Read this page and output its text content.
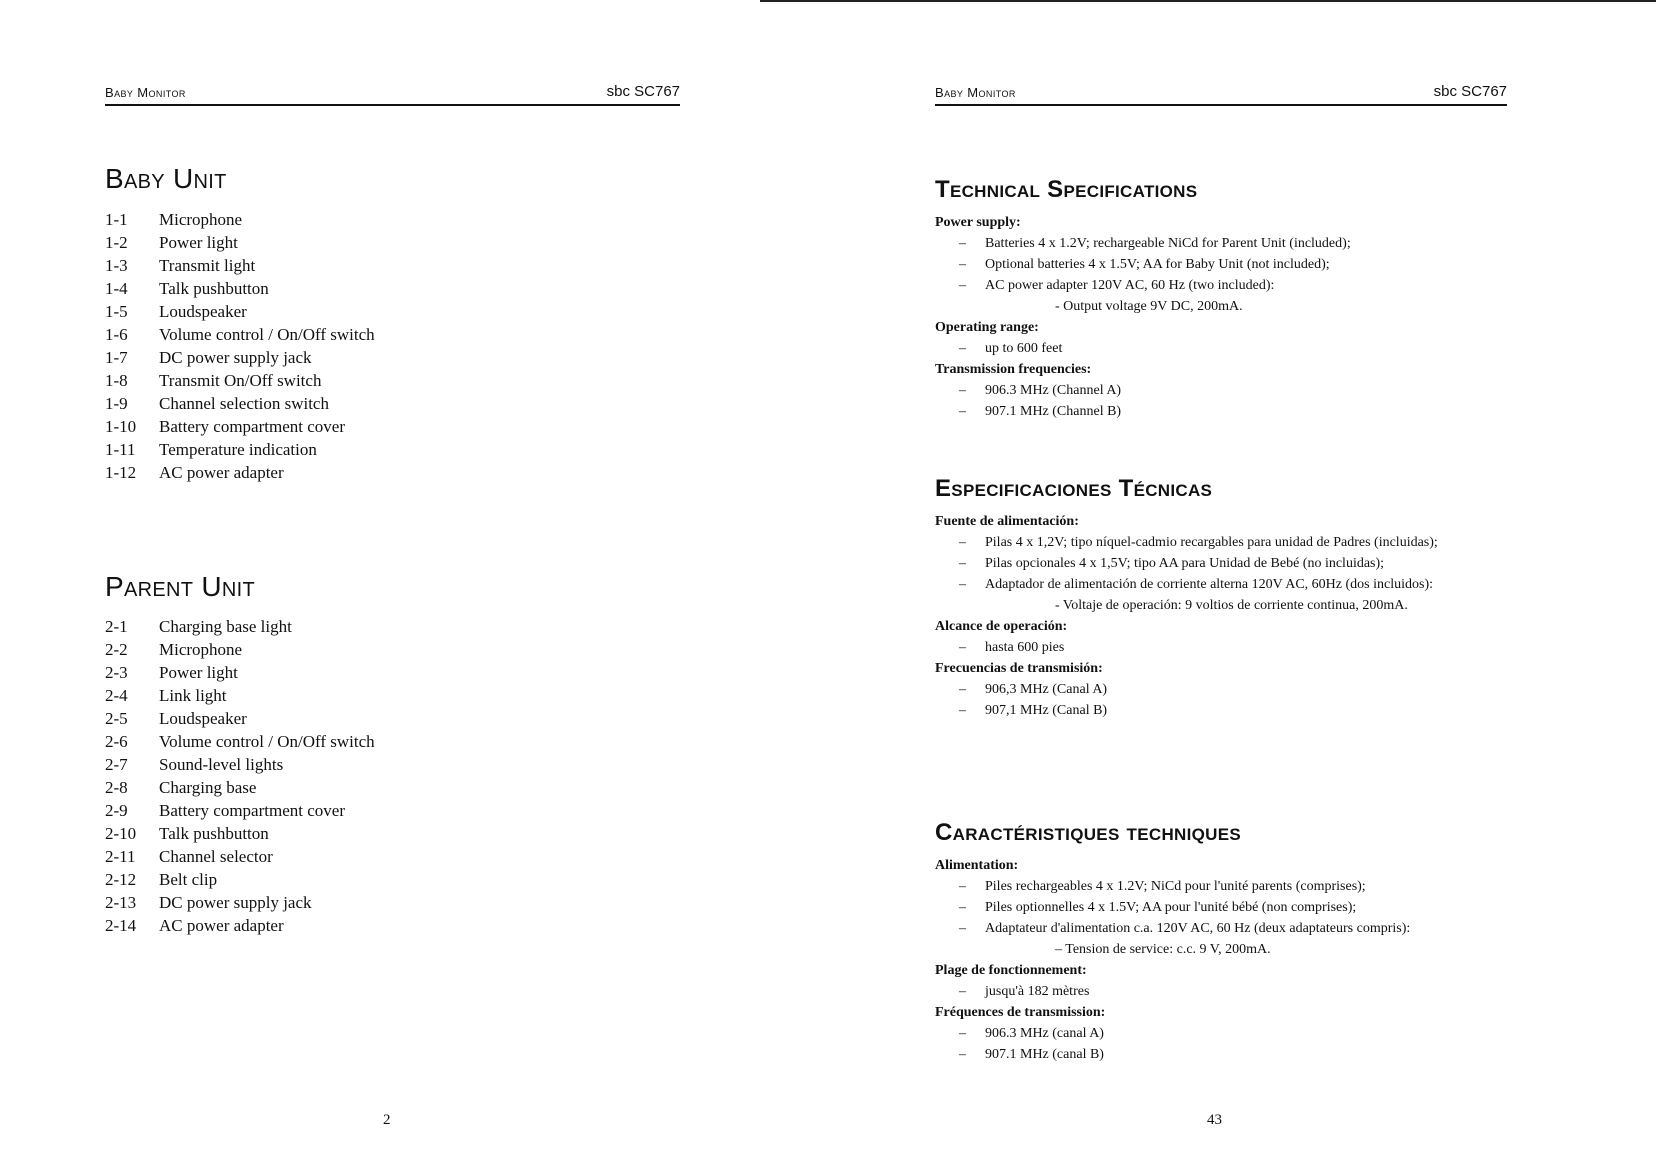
Baby Monitor	sbc SC767
Baby Unit
1-1 Microphone
1-2 Power light
1-3 Transmit light
1-4 Talk pushbutton
1-5 Loudspeaker
1-6 Volume control / On/Off switch
1-7 DC power supply jack
1-8 Transmit On/Off switch
1-9 Channel selection switch
1-10 Battery compartment cover
1-11 Temperature indication
1-12 AC power adapter
Parent Unit
2-1 Charging base light
2-2 Microphone
2-3 Power light
2-4 Link light
2-5 Loudspeaker
2-6 Volume control / On/Off switch
2-7 Sound-level lights
2-8 Charging base
2-9 Battery compartment cover
2-10 Talk pushbutton
2-11 Channel selector
2-12 Belt clip
2-13 DC power supply jack
2-14 AC power adapter
2
Baby Monitor	sbc SC767
Technical Specifications
Power supply:
– Batteries 4 x 1.2V; rechargeable NiCd for Parent Unit (included);
– Optional batteries 4 x 1.5V; AA for Baby Unit (not included);
– AC power adapter 120V AC, 60 Hz (two included):
- Output voltage 9V DC, 200mA.
Operating range:
– up to 600 feet
Transmission frequencies:
– 906.3 MHz (Channel A)
– 907.1 MHz (Channel B)
Especificaciones Técnicas
Fuente de alimentación:
– Pilas 4 x 1,2V; tipo níquel-cadmio recargables para unidad de Padres (incluidas);
– Pilas opcionales 4 x 1,5V; tipo AA para Unidad de Bebé (no incluidas);
– Adaptador de alimentación de corriente alterna 120V AC, 60Hz (dos incluidos):
- Voltaje de operación: 9 voltios de corriente continua, 200mA.
Alcance de operación:
– hasta 600 pies
Frecuencias de transmisión:
– 906,3 MHz (Canal A)
– 907,1 MHz (Canal B)
Caractéristiques techniques
Alimentation:
– Piles rechargeables 4 x 1.2V; NiCd pour l'unité parents (comprises);
– Piles optionnelles 4 x 1.5V; AA pour l'unité bébé (non comprises);
– Adaptateur d'alimentation c.a. 120V AC, 60 Hz (deux adaptateurs compris):
– Tension de service: c.c. 9 V, 200mA.
Plage de fonctionnement:
– jusqu'à 182 mètres
Fréquences de transmission:
– 906.3 MHz (canal A)
– 907.1 MHz (canal B)
43
